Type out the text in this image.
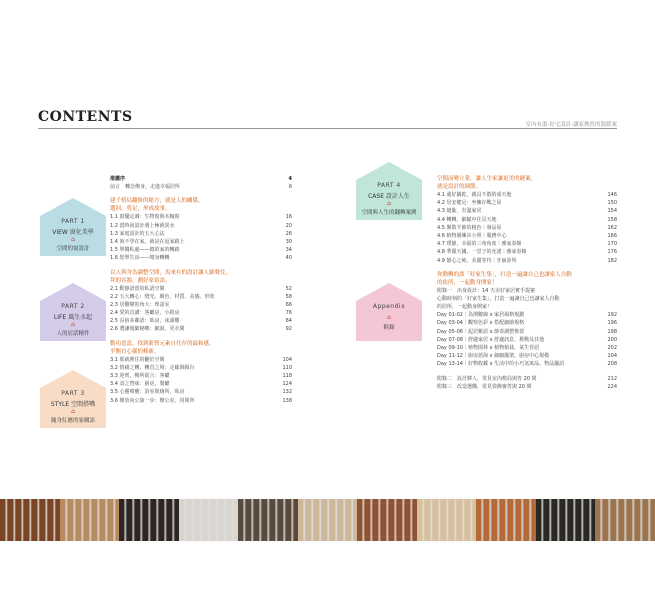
CONTENTS	室內有溫‧好宅設計‧讓家煥然的溫暖案
PART 1
VIEW 窗化美學
⌂
空間的窗設計
PART 2
LIFE 風生水起
⌂
人的居話精件
PART 3
STYLE 空間搭嘴
⌂
隨身紅應的家購語
PART 4
CASE 設計人生
⌂
空間與人生的翻轉案例
Appendix
⌂
附錄
推薦序	4
前言　轉念煥身，走進幸福居所	6
建子格局翻修的秘方，就是人的關係，
選回、剪足，形成故事。
1.1 窗優定調：生物窗與木軸窗	16
1.2 當時尚設計遇上極就異水	20
1.3 家庭設計的五大心法	26
1.4 執不學在家，就是在返家路上	30
1.5 單獨私處——總的家的轉路	34
1.6 您單生活——彎身轉轉	40
以人與身為調整空間，馬來有的設計讓人細聲住，
拜的容器，劃好家宿語。
2.1 動靜語當的私語空間	52
2.2 五大轉心：燈光、顏色、材質、美感、形狀	58
2.3 居難變的角大：理話室	66
2.4 愛的首講：客廳房，小敘房	76
2.5 長宿多鄰語：臥房、床頭櫃	84
2.6 選謙後細秘略：細說、更衣間	92
動功造設，找到新營元素自任存的最和感，
平衡自心靈的條新。
3.1 那就裡住的翻於空間	104
3.2 情緒之轉，轉首之境：走廊與陽台	110
3.3 迎賓，暢所欲言：客廳	118
3.4 食之智味：廚房，餐廳	124
3.5 心靈療癒：浴室與廁所，臥房	132
3.6 開放向公演一步：辦公室，用問所	138
空間而變立業，讓人生家讓更美的縫案，
就是設計的細節。
4.1 還好鍋乾，親具不散的成天地	146
4.2 居安健足：坐擁在戰之屋	150
4.3 縫紮，有溫家居	154
4.4 轉轉，細膩中住見天地	158
4.5 聚散半節的粗色｜發品屋	162
4.6 植物園練歩小照｜服務中心	166
4.7 璞靜，幸福的三角角度｜雅家春館	170
4.8 華麗天國，一堂子的允諾｜雅家春館	176
4.9 靜心之純，美麗等待｜牙齒診所	182
你動轉的談「好家生集」，打造一遍讓自己也讓家人自動
的依所，一起動身開家！
附錄一　出身設計：14 天美好家居實手提案
心動時刻的「好家生集」，打造一遍讓自己也讓家人自動
的居所，一起動身開家！
Day 01-02｜為期數線 x 家居風格規劃	192
Day 03-04｜觀察色彩 x 搭配細節規格	196
Day 05-06｜起居紫語 x 節奏調整佈置	198
Day 07-08｜舒適家居 x 舒適訊息，挑戰及其他	200
Day 09-10｜植物園林 x 植物植栽、氣生晉語	202
Day 11-12｜廚房語海 x 細細擺架，廚房中心規模	204
Day 13-14｜好物收藏 x 生活中的小巧氫寓品、物品擺語	208
附錄二　設計夥人，常見室內格局與答 20 問	212
附錄三　改造選購，常見裝飾審答與 20 問	224
